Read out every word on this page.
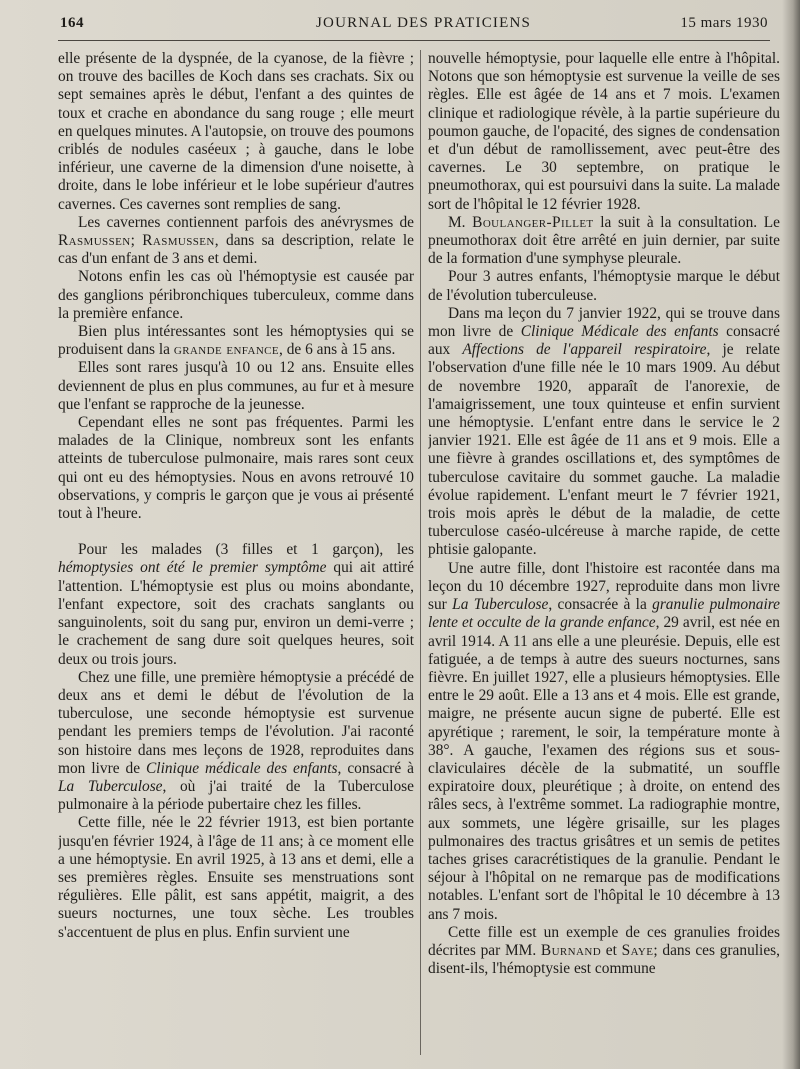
164	JOURNAL DES PRATICIENS	15 mars 1930

elle présente de la dyspnée, de la cyanose, de la fièvre ; on trouve des bacilles de Koch dans ses crachats. Six ou sept semaines après le début, l'enfant a des quintes de toux et crache en abondance du sang rouge ; elle meurt en quelques minutes. A l'autopsie, on trouve des poumons criblés de nodules caséeux ; à gauche, dans le lobe inférieur, une caverne de la dimension d'une noisette, à droite, dans le lobe inférieur et le lobe supérieur d'autres cavernes. Ces cavernes sont remplies de sang.

Les cavernes contiennent parfois des anévrysmes de Rasmussen; Rasmussen, dans sa description, relate le cas d'un enfant de 3 ans et demi.

Notons enfin les cas où l'hémoptysie est causée par des ganglions péribronchiques tuberculeux, comme dans la première enfance.

Bien plus intéressantes sont les hémoptysies qui se produisent dans la grande enfance, de 6 ans à 15 ans.

Elles sont rares jusqu'à 10 ou 12 ans. Ensuite elles deviennent de plus en plus communes, au fur et à mesure que l'enfant se rapproche de la jeunesse.

Cependant elles ne sont pas fréquentes. Parmi les malades de la Clinique, nombreux sont les enfants atteints de tuberculose pulmonaire, mais rares sont ceux qui ont eu des hémoptysies. Nous en avons retrouvé 10 observations, y compris le garçon que je vous ai présenté tout à l'heure.

Pour les malades (3 filles et 1 garçon), les hémoptysies ont été le premier symptôme qui ait attiré l'attention. L'hémoptysie est plus ou moins abondante, l'enfant expectore, soit des crachats sanglants ou sanguinolents, soit du sang pur, environ un demi-verre ; le crachement de sang dure soit quelques heures, soit deux ou trois jours.

Chez une fille, une première hémoptysie a précédé de deux ans et demi le début de l'évolution de la tuberculose, une seconde hémoptysie est survenue pendant les premiers temps de l'évolution. J'ai raconté son histoire dans mes leçons de 1928, reproduites dans mon livre de Clinique médicale des enfants, consacré à La Tuberculose, où j'ai traité de la Tuberculose pulmonaire à la période pubertaire chez les filles.

Cette fille, née le 22 février 1913, est bien portante jusqu'en février 1924, à l'âge de 11 ans; à ce moment elle a une hémoptysie. En avril 1925, à 13 ans et demi, elle a ses premières règles. Ensuite ses menstruations sont régulières. Elle pâlit, est sans appétit, maigrit, a des sueurs nocturnes, une toux sèche. Les troubles s'accentuent de plus en plus. Enfin survient une

nouvelle hémoptysie, pour laquelle elle entre à l'hôpital. Notons que son hémoptysie est survenue la veille de ses règles. Elle est âgée de 14 ans et 7 mois. L'examen clinique et radiologique révèle, à la partie supérieure du poumon gauche, de l'opacité, des signes de condensation et d'un début de ramollissement, avec peut-être des cavernes. Le 30 septembre, on pratique le pneumothorax, qui est poursuivi dans la suite. La malade sort de l'hôpital le 12 février 1928.

M. Boulanger-Pillet la suit à la consultation. Le pneumothorax doit être arrêté en juin dernier, par suite de la formation d'une symphyse pleurale.

Pour 3 autres enfants, l'hémoptysie marque le début de l'évolution tuberculeuse.

Dans ma leçon du 7 janvier 1922, qui se trouve dans mon livre de Clinique Médicale des enfants consacré aux Affections de l'appareil respiratoire, je relate l'observation d'une fille née le 10 mars 1909. Au début de novembre 1920, apparaît de l'anorexie, de l'amaigrissement, une toux quinteuse et enfin survient une hémoptysie. L'enfant entre dans le service le 2 janvier 1921. Elle est âgée de 11 ans et 9 mois. Elle a une fièvre à grandes oscillations et, des symptômes de tuberculose cavitaire du sommet gauche. La maladie évolue rapidement. L'enfant meurt le 7 février 1921, trois mois après le début de la maladie, de cette tuberculose caséo-ulcéreuse à marche rapide, de cette phtisie galopante.

Une autre fille, dont l'histoire est racontée dans ma leçon du 10 décembre 1927, reproduite dans mon livre sur La Tuberculose, consacrée à la granulie pulmonaire lente et occulte de la grande enfance, 29 avril, est née en avril 1914. A 11 ans elle a une pleurésie. Depuis, elle est fatiguée, a de temps à autre des sueurs nocturnes, sans fièvre. En juillet 1927, elle a plusieurs hémoptysies. Elle entre le 29 août. Elle a 13 ans et 4 mois. Elle est grande, maigre, ne présente aucun signe de puberté. Elle est apyrétique ; rarement, le soir, la température monte à 38°. A gauche, l'examen des régions sus et sous-claviculaires décèle de la submatité, un souffle expiratoire doux, pleurétique ; à droite, on entend des râles secs, à l'extrême sommet. La radiographie montre, aux sommets, une légère grisaille, sur les plages pulmonaires des tractus grisâtres et un semis de petites taches grises caracrétistiques de la granulie. Pendant le séjour à l'hôpital on ne remarque pas de modifications notables. L'enfant sort de l'hôpital le 10 décembre à 13 ans 7 mois.

Cette fille est un exemple de ces granulies froides décrites par MM. Burnand et Saye; dans ces granulies, disent-ils, l'hémoptysie est commune
